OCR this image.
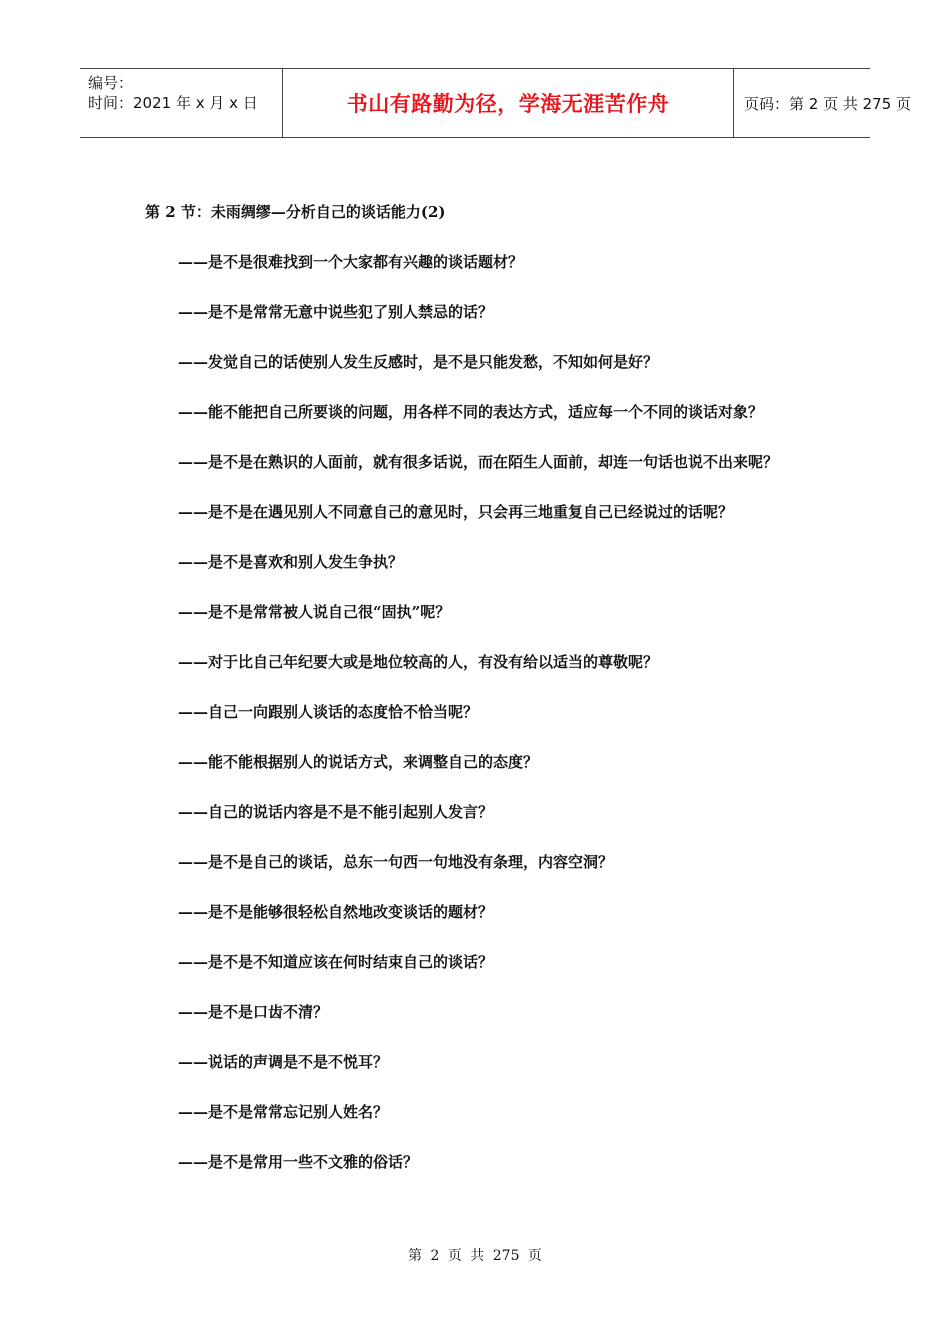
编号：
时间：2021 年 x 月 x 日	书山有路勤为径，学海无涯苦作舟	页码：第 2 页 共 275 页
第 2 节：未雨绸缪—分析自己的谈话能力(2)
——是不是很难找到一个大家都有兴趣的谈话题材？
——是不是常常无意中说些犯了别人禁忌的话？
——发觉自己的话使别人发生反感时，是不是只能发愁，不知如何是好？
——能不能把自己所要谈的问题，用各样不同的表达方式，适应每一个不同的谈话对象？
——是不是在熟识的人面前，就有很多话说，而在陌生人面前，却连一句话也说不出来呢？
——是不是在遇见别人不同意自己的意见时，只会再三地重复自己已经说过的话呢？
——是不是喜欢和别人发生争执？
——是不是常常被人说自己很“固执”呢？
——对于比自己年纪要大或是地位较高的人，有没有给以适当的尊敬呢？
——自己一向跟别人谈话的态度恰不恰当呢？
——能不能根据别人的说话方式，来调整自己的态度？
——自己的说话内容是不是不能引起别人发言？
——是不是自己的谈话，总东一句西一句地没有条理，内容空洞？
——是不是能够很轻松自然地改变谈话的题材？
——是不是不知道应该在何时结束自己的谈话？
——是不是口齿不清？
——说话的声调是不是不悦耳？
——是不是常常忘记别人姓名？
——是不是常用一些不文雅的俗话？
第 2 页 共 275 页
